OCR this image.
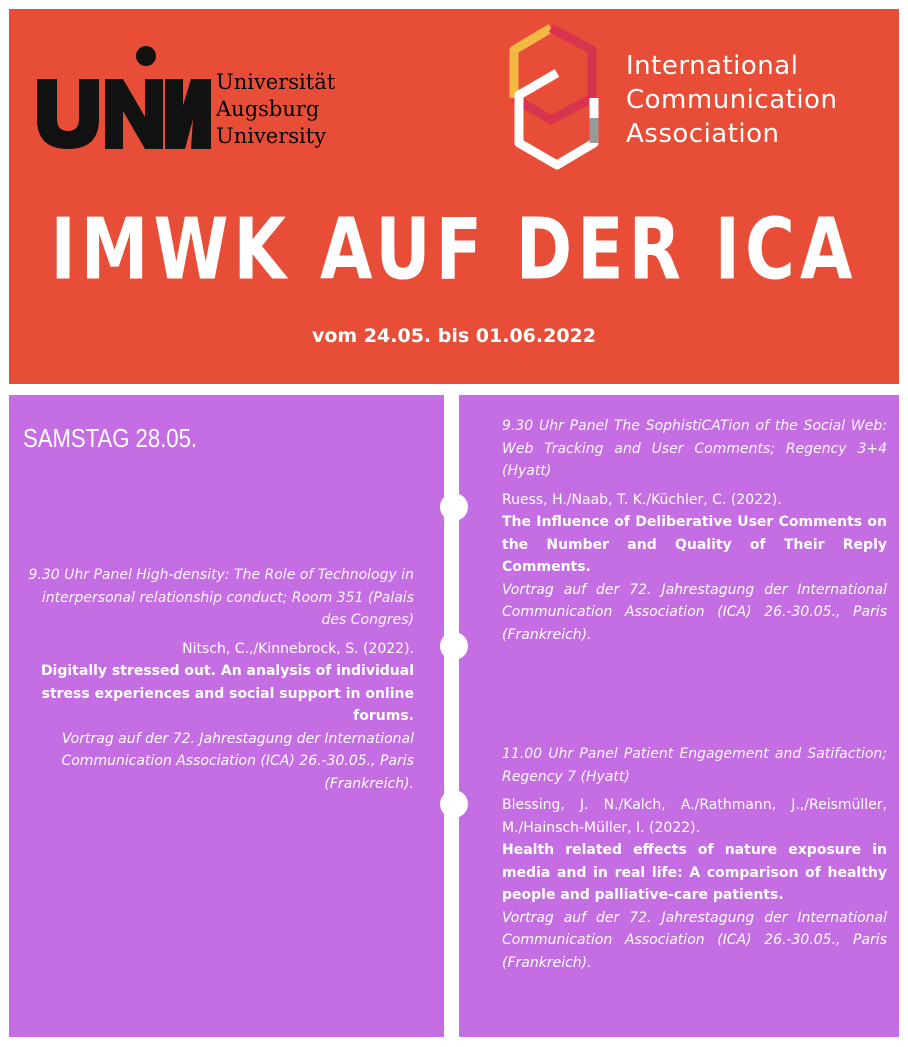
Universität
Augsburg
University
International
Communication
Association
IMWK AUF DER ICA
vom 24.05. bis 01.06.2022
SAMSTAG 28.05.

9.30 Uhr Panel High-density: The Role of Technology in interpersonal relationship conduct; Room 351 (Palais des Congres)

Nitsch, C.,/Kinnebrock, S. (2022).

Digitally stressed out. An analysis of individual stress experiences and social support in online forums.

Vortrag auf der 72. Jahrestagung der International Communication Association (ICA) 26.-30.05., Paris (Frankreich).

9.30 Uhr Panel The SophistiCATion of the Social Web: Web Tracking and User Comments; Regency 3+4 (Hyatt)

Ruess, H./Naab, T. K./Küchler, C. (2022).

The Influence of Deliberative User Comments on the Number and Quality of Their Reply Comments.

Vortrag auf der 72. Jahrestagung der International Communication Association (ICA) 26.-30.05., Paris (Frankreich).

11.00 Uhr Panel Patient Engagement and Satifaction; Regency 7 (Hyatt)

Blessing, J. N./Kalch, A./Rathmann, J.,/Reismüller, M./Hainsch-Müller, I. (2022).

Health related effects of nature exposure in media and in real life: A comparison of healthy people and palliative-care patients.

Vortrag auf der 72. Jahrestagung der International Communication Association (ICA) 26.-30.05., Paris (Frankreich).
